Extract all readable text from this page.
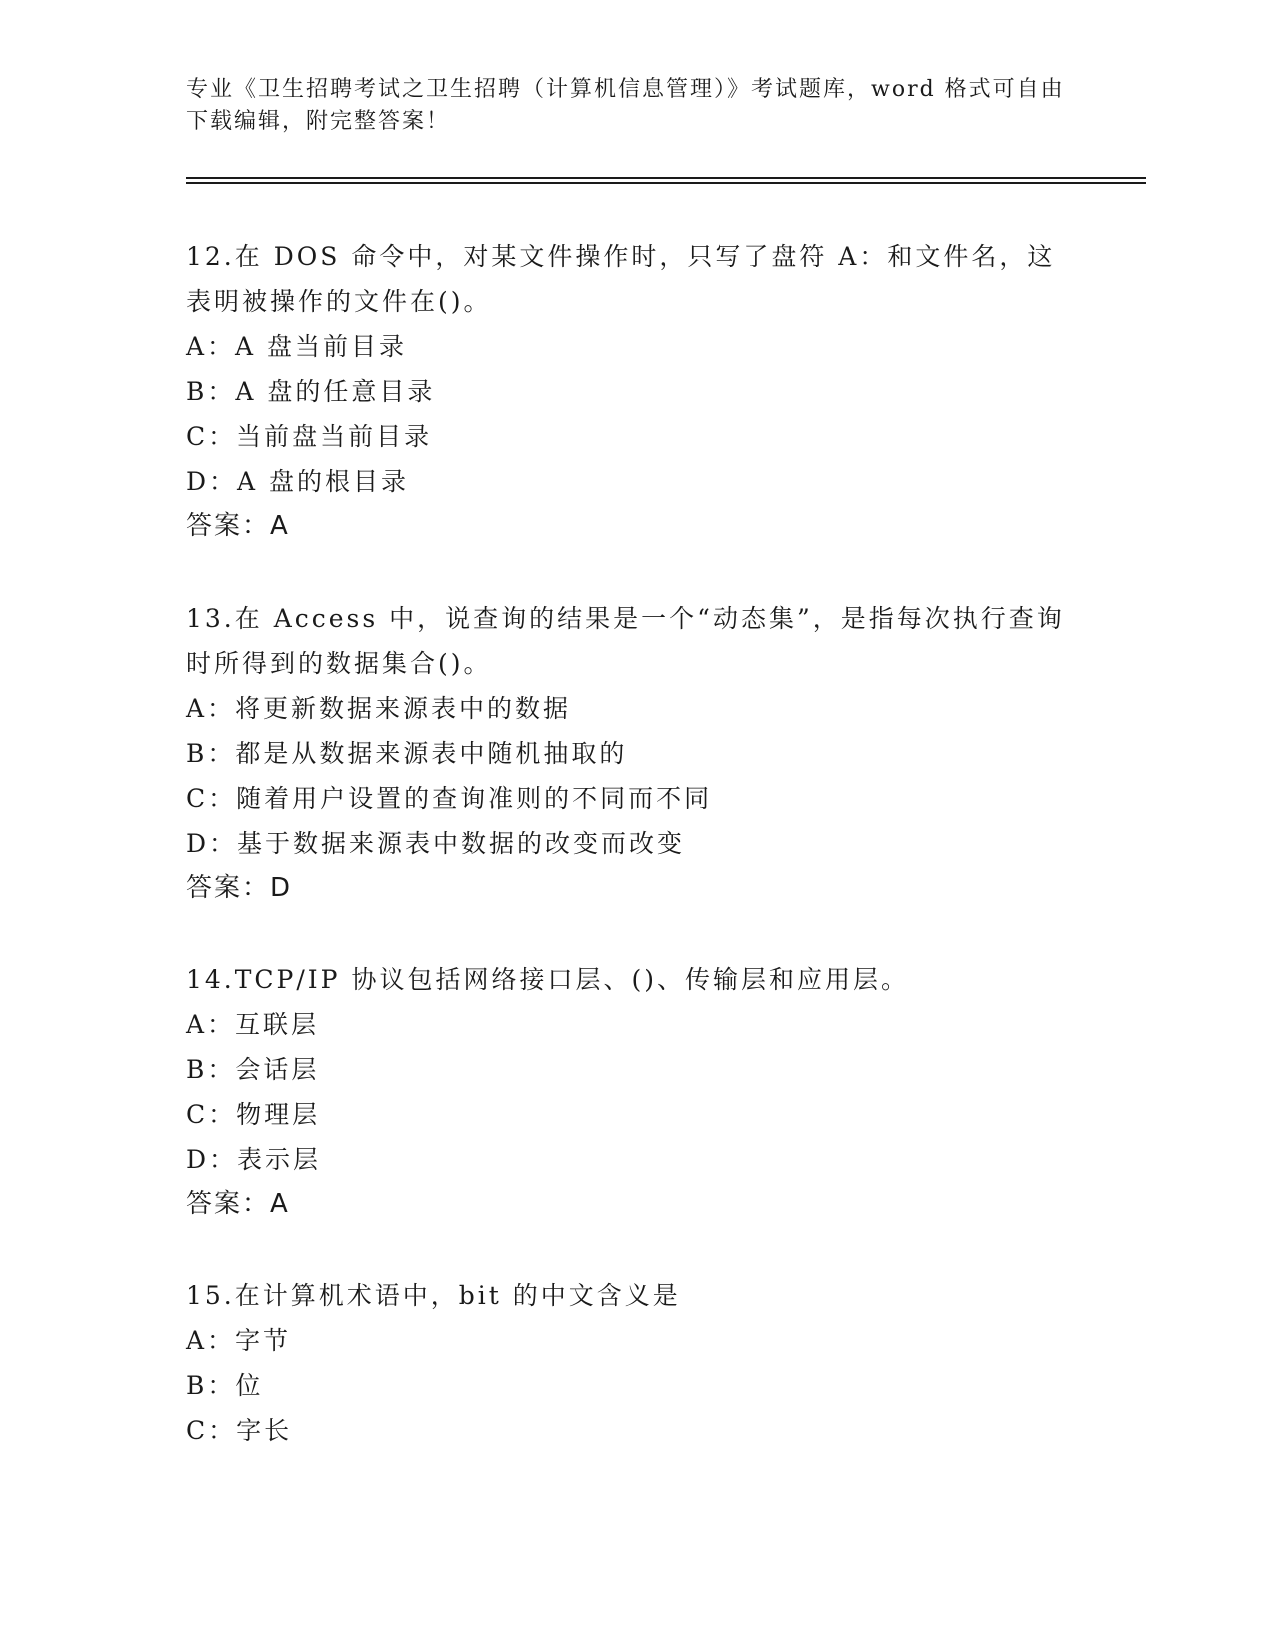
专业《卫生招聘考试之卫生招聘（计算机信息管理）》考试题库，word 格式可自由下载编辑，附完整答案！
12.在 DOS 命令中，对某文件操作时，只写了盘符 A：和文件名，这表明被操作的文件在()。
A：A 盘当前目录
B：A 盘的任意目录
C：当前盘当前目录
D：A 盘的根目录
答案：A
13.在 Access 中，说查询的结果是一个“动态集”，是指每次执行查询时所得到的数据集合()。
A：将更新数据来源表中的数据
B：都是从数据来源表中随机抽取的
C：随着用户设置的查询准则的不同而不同
D：基于数据来源表中数据的改变而改变
答案：D
14.TCP/IP 协议包括网络接口层、()、传输层和应用层。
A：互联层
B：会话层
C：物理层
D：表示层
答案：A
15.在计算机术语中，bit 的中文含义是
A：字节
B：位
C：字长
